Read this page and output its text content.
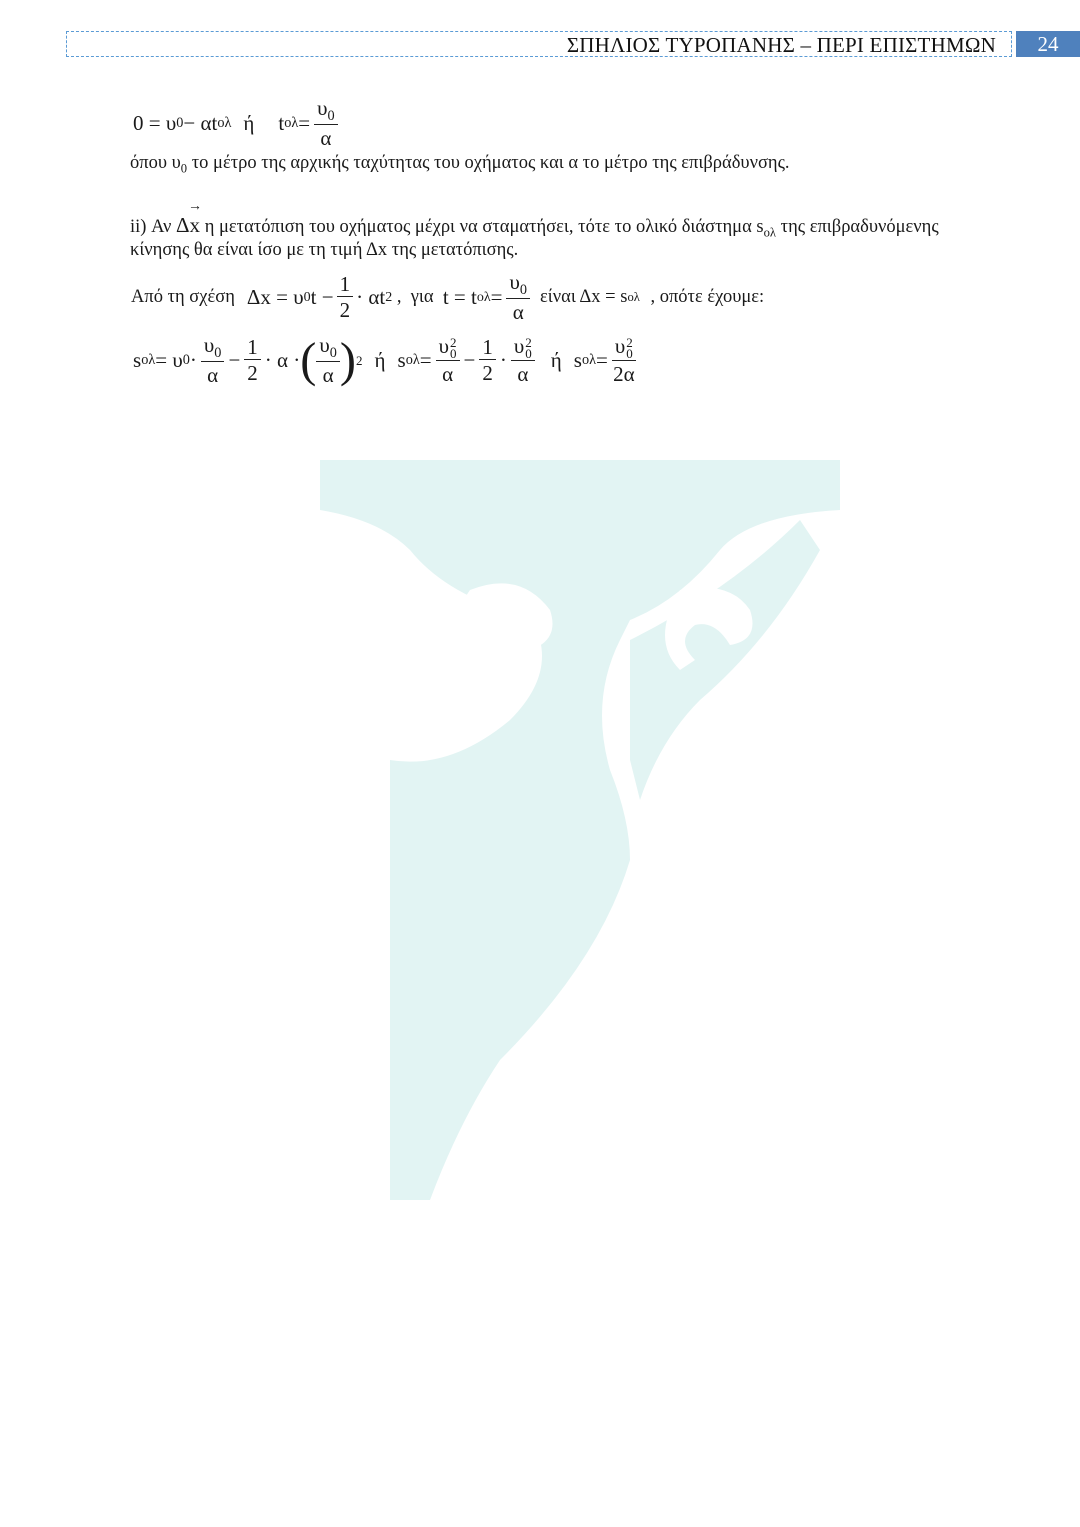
ΣΠΗΛΙΟΣ ΤΥΡΟΠΑΝΗΣ – ΠΕΡΙ ΕΠΙΣΤΗΜΩΝ	24
0 = υ 0 − αt ολ ή t $o\lambda = \frac{\upsilon_0}{\alpha}$
όπου $\upsilon_0$ το μέτρο της αρχικής ταχύτητας του οχήματος και α το μέτρο της επιβράδυνσης.
ii) Αν
→
Δx η μετατόπιση του οχήματος μέχρι να σταματήσει, τότε το ολικό διάστημα $s_{o\lambda}$ της επιβραδυνόμενης
κίνησης θα είναι ίσο με τη τιμή Δx της μετατόπισης.
Από τη σχέση Δx = υ 0 $t - \frac{1}{2} \cdot \alpha t$ 2 ,  για t = t $o\lambda = \frac{\upsilon_0}{\alpha}$ είναι Δx = s ολ , οπότε έχουμε:
s ολ = υ $0 \cdot \frac{\upsilon_0}{\alpha} - \frac{1}{2} \cdot \alpha$ · ( $\frac{\upsilon_0}{\alpha}$ ) 2 ή s ολ = υ 2
0
$\alpha - \frac{1}{2} \cdot \upsilon$ 2
0
α ή s ολ = υ 2
0
2α
